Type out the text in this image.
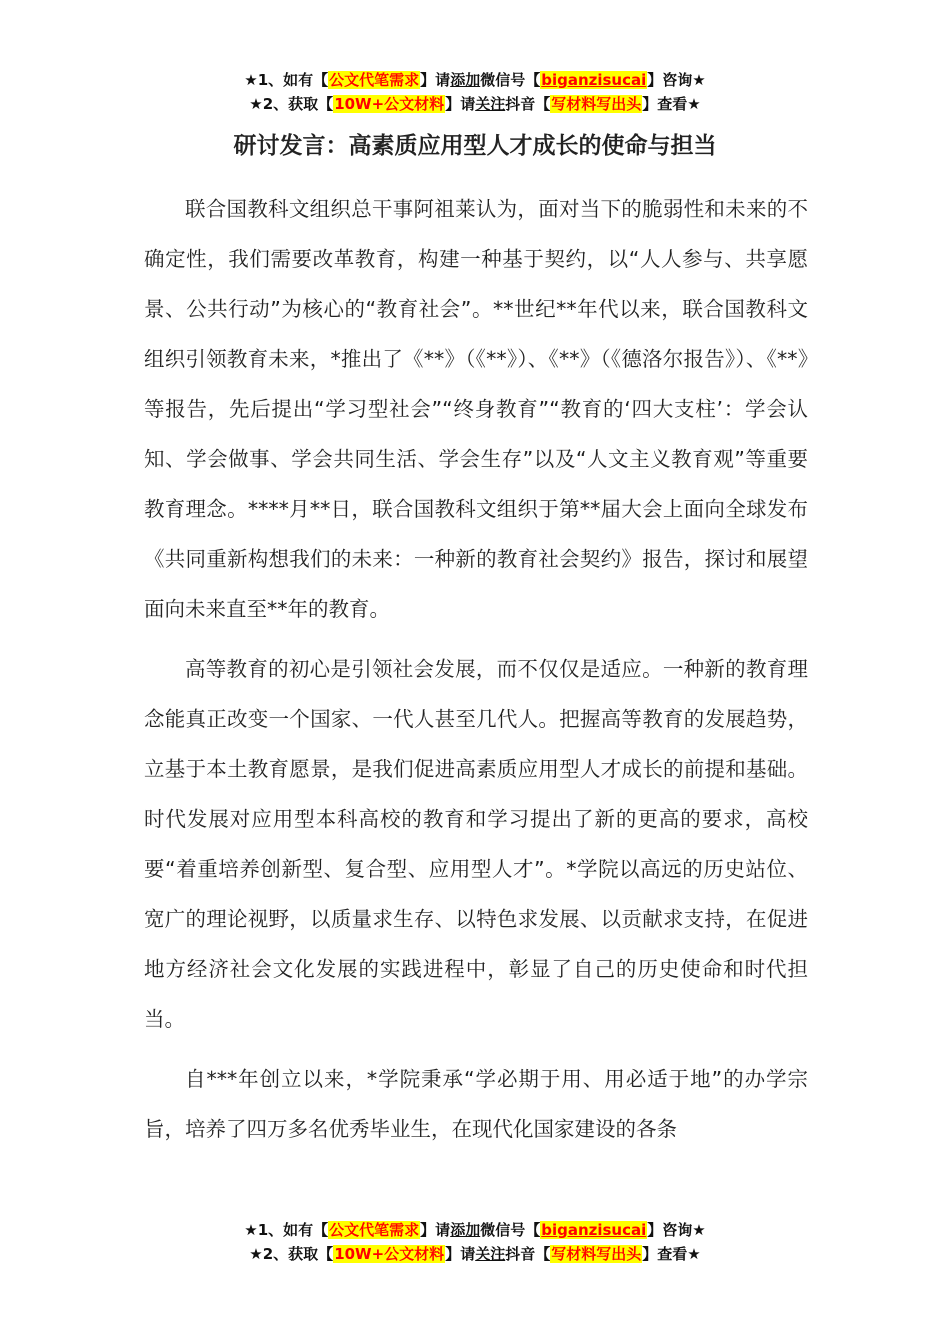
★1、如有【公文代笔需求】请添加微信号【biganzisucai】咨询★
★2、获取【10W+公文材料】请关注抖音【写材料写出头】查看★
研讨发言：高素质应用型人才成长的使命与担当

联合国教科文组织总干事阿祖莱认为，面对当下的脆弱性和未来的不确定性，我们需要改革教育，构建一种基于契约，以“人人参与、共享愿景、公共行动”为核心的“教育社会”。**世纪**年代以来，联合国教科文组织引领教育未来，*推出了《**》（《**》）、《**》（《德洛尔报告》）、《**》等报告，先后提出“学习型社会”“终身教育”“教育的‘四大支柱’：学会认知、学会做事、学会共同生活、学会生存”以及“人文主义教育观”等重要教育理念。****月**日，联合国教科文组织于第**届大会上面向全球发布《共同重新构想我们的未来：一种新的教育社会契约》报告，探讨和展望面向未来直至**年的教育。

高等教育的初心是引领社会发展，而不仅仅是适应。一种新的教育理念能真正改变一个国家、一代人甚至几代人。把握高等教育的发展趋势，立基于本土教育愿景，是我们促进高素质应用型人才成长的前提和基础。时代发展对应用型本科高校的教育和学习提出了新的更高的要求，高校要“着重培养创新型、复合型、应用型人才”。*学院以高远的历史站位、宽广的理论视野，以质量求生存、以特色求发展、以贡献求支持，在促进地方经济社会文化发展的实践进程中，彰显了自己的历史使命和时代担当。

自***年创立以来，*学院秉承“学必期于用、用必适于地”的办学宗旨，培养了四万多名优秀毕业生，在现代化国家建设的各条

★1、如有【公文代笔需求】请添加微信号【biganzisucai】咨询★
★2、获取【10W+公文材料】请关注抖音【写材料写出头】查看★
